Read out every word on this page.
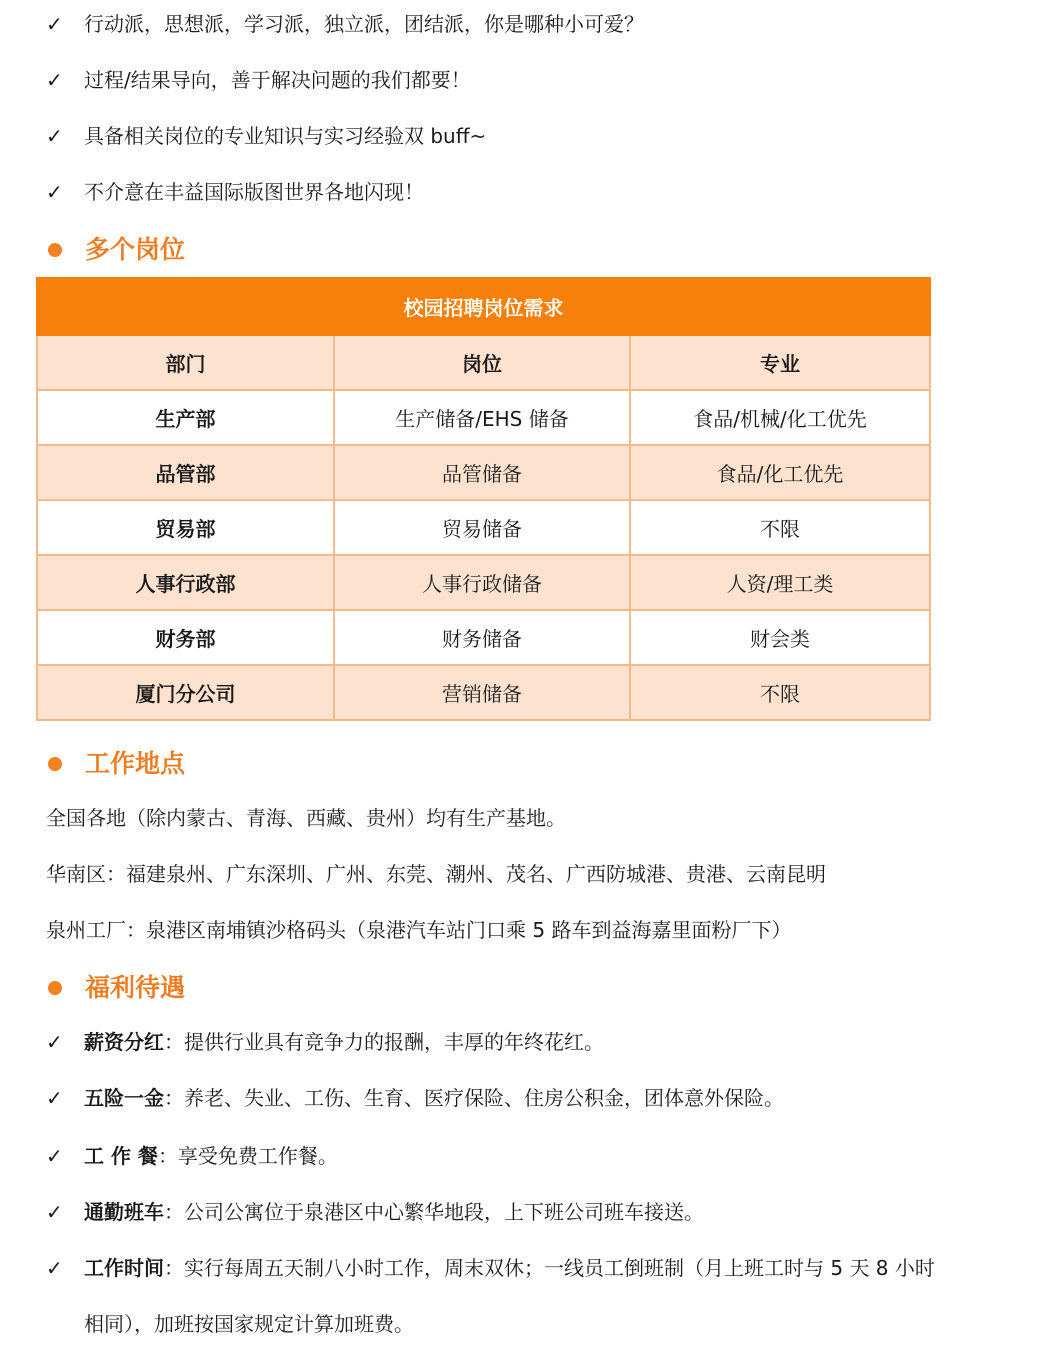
✓	行动派，思想派，学习派，独立派，团结派，你是哪种小可爱？
✓	过程/结果导向，善于解决问题的我们都要！
✓	具备相关岗位的专业知识与实习经验双 buff~
✓	不介意在丰益国际版图世界各地闪现！
多个岗位
校园招聘岗位需求		
部门	岗位	专业
生产部	生产储备/EHS 储备	食品/机械/化工优先
品管部	品管储备	食品/化工优先
贸易部	贸易储备	不限
人事行政部	人事行政储备	人资/理工类
财务部	财务储备	财会类
厦门分公司	营销储备	不限
工作地点
全国各地（除内蒙古、青海、西藏、贵州）均有生产基地。
华南区：福建泉州、广东深圳、广州、东莞、潮州、茂名、广西防城港、贵港、云南昆明
泉州工厂：泉港区南埔镇沙格码头（泉港汽车站门口乘 5 路车到益海嘉里面粉厂下）
福利待遇
✓	薪资分红 ：提供行业具有竞争力的报酬，丰厚的年终花红。
✓	五险一金 ：养老、失业、工伤、生育、医疗保险、住房公积金，团体意外保险。
✓	工 作 餐 ：享受免费工作餐。
✓	通勤班车 ：公司公寓位于泉港区中心繁华地段，上下班公司班车接送。
✓	工作时间 ：实行每周五天制八小时工作，周末双休；一线员工倒班制（月上班工时与 5 天 8 小时
相同），加班按国家规定计算加班费。
